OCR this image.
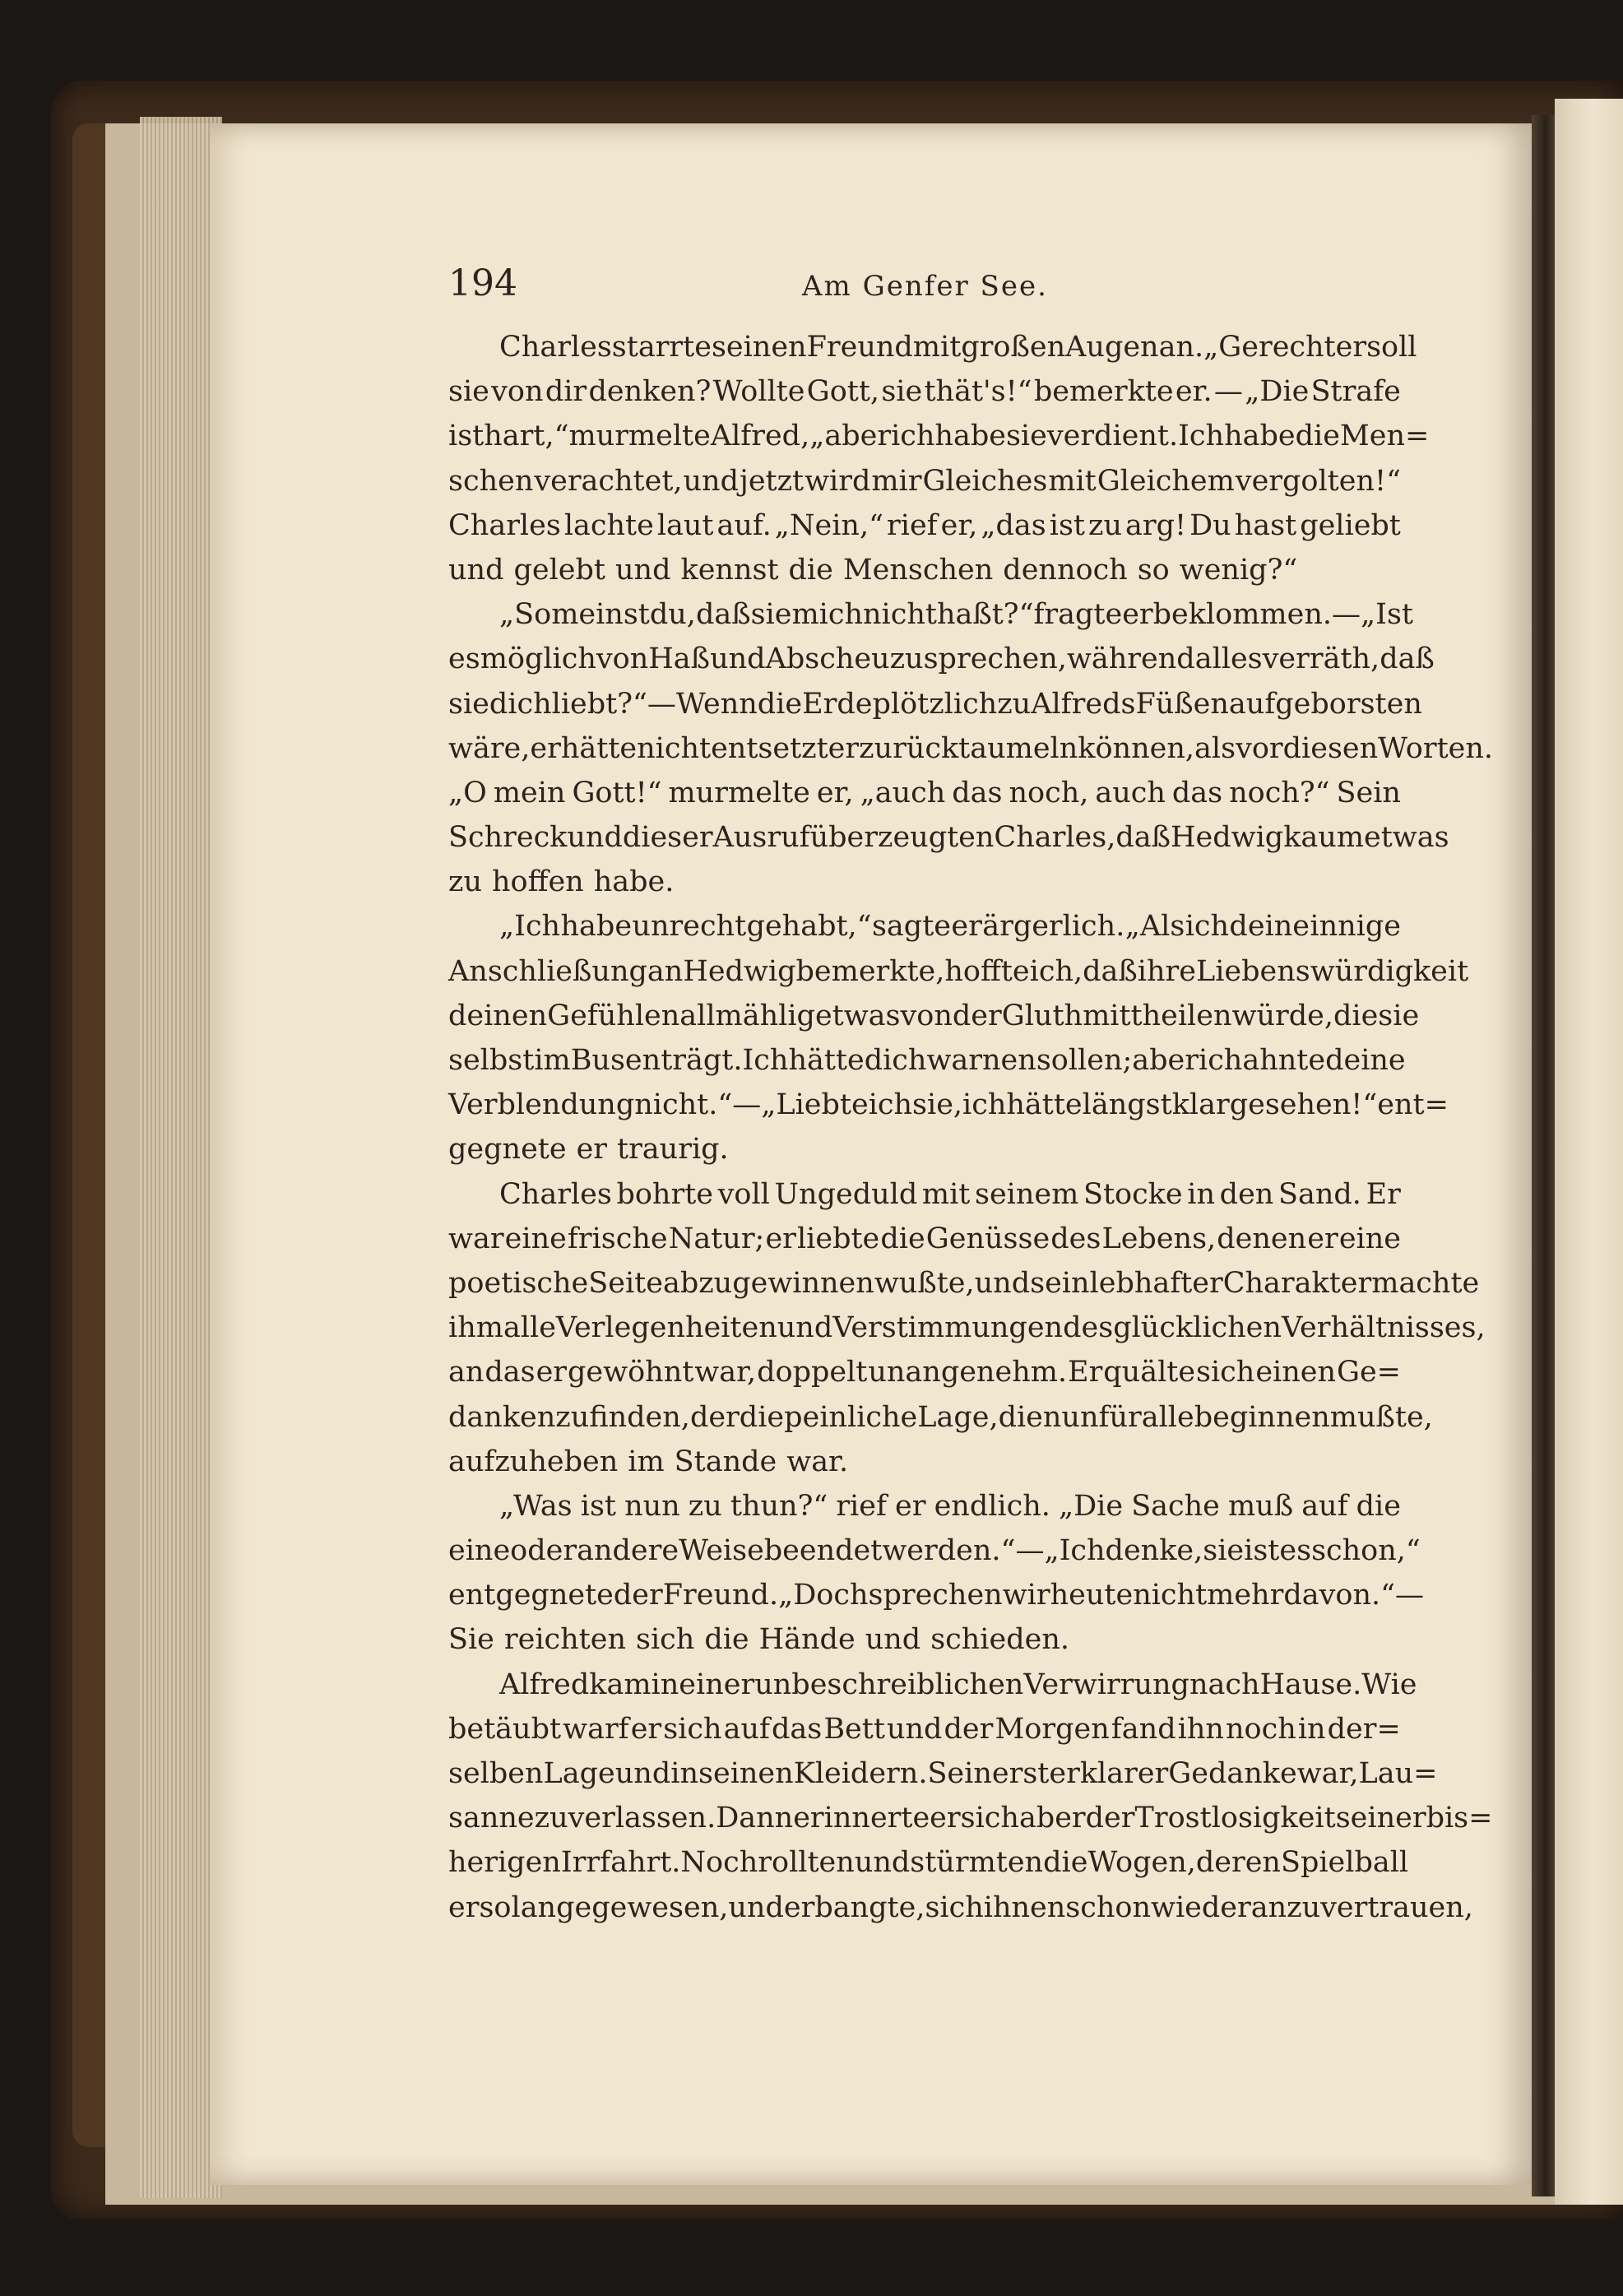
194	Am Genfer See.
Charles starrte seinen Freund mit großen Augen an. „Gerechter soll
sie von dir denken? Wollte Gott, sie thät's!“ bemerkte er. — „Die Strafe
ist hart,“ murmelte Alfred, „aber ich habe sie verdient. Ich habe die Men=
schen verachtet, und jetzt wird mir Gleiches mit Gleichem vergolten!“
Charles lachte laut auf. „Nein,“ rief er, „das ist zu arg! Du hast geliebt
und gelebt und kennst die Menschen dennoch so wenig?“
„So meinst du, daß sie mich nicht haßt?“ fragte er beklommen. — „Ist
es möglich von Haß und Abscheu zu sprechen, während alles verräth, daß
sie dich liebt?“ — Wenn die Erde plötzlich zu Alfreds Füßen aufgeborsten
wäre, er hätte nicht entsetzter zurücktaumeln können, als vor diesen Worten.
„O mein Gott!“ murmelte er, „auch das noch, auch das noch?“ Sein
Schreck und dieser Ausruf überzeugten Charles, daß Hedwig kaum etwas
zu hoffen habe.
„Ich habe unrecht gehabt,“ sagte er ärgerlich. „Als ich deine innige
Anschließung an Hedwig bemerkte, hoffte ich, daß ihre Liebenswürdigkeit
deinen Gefühlen allmählig etwas von der Gluth mittheilen würde, die sie
selbst im Busen trägt. Ich hätte dich warnen sollen; aber ich ahnte deine
Verblendung nicht.“ — „Liebte ich sie, ich hätte längst klar gesehen!“ ent=
gegnete er traurig.
Charles bohrte voll Ungeduld mit seinem Stocke in den Sand. Er
war eine frische Natur; er liebte die Genüsse des Lebens, denen er eine
poetische Seite abzugewinnen wußte, und sein lebhafter Charakter machte
ihm alle Verlegenheiten und Verstimmungen des glücklichen Verhältnisses,
an das er gewöhnt war, doppelt unangenehm. Er quälte sich einen Ge=
danken zu finden, der die peinliche Lage, die nun für alle beginnen mußte,
aufzuheben im Stande war.
„Was ist nun zu thun?“ rief er endlich. „Die Sache muß auf die
eine oder andere Weise beendet werden.“ — „Ich denke, sie ist es schon,“
entgegnete der Freund. „Doch sprechen wir heute nicht mehr davon.“ —
Sie reichten sich die Hände und schieden.
Alfred kam in einer unbeschreiblichen Verwirrung nach Hause. Wie
betäubt warf er sich auf das Bett und der Morgen fand ihn noch in der=
selben Lage und in seinen Kleidern. Sein erster klarer Gedanke war, Lau=
sanne zu verlassen. Dann erinnerte er sich aber der Trostlosigkeit seiner bis=
herigen Irrfahrt. Noch rollten und stürmten die Wogen, deren Spielball
er so lange gewesen, und er bangte, sich ihnen schon wieder anzuvertrauen,
